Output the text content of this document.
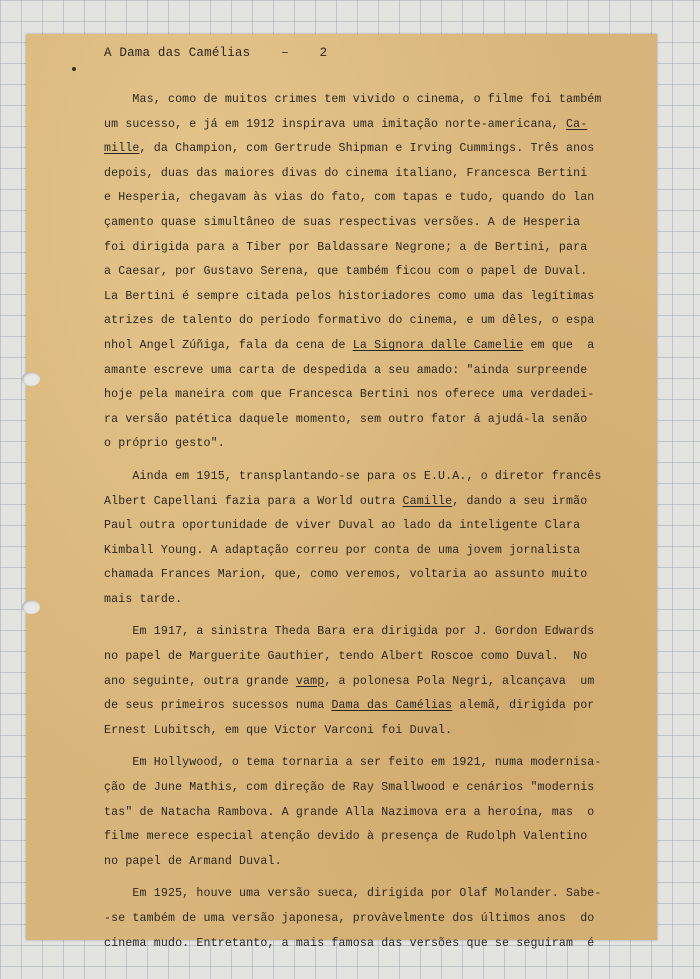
A Dama das Camélias – 2
Mas, como de muitos crimes tem vivido o cinema, o filme foi também
um sucesso, e já em 1912 inspirava uma imitação norte-americana, Ca-
mille, da Champion, com Gertrude Shipman e Irving Cummings. Três anos
depois, duas das maiores divas do cinema italiano, Francesca Bertini
e Hesperia, chegavam às vias do fato, com tapas e tudo, quando do lan
çamento quase simultâneo de suas respectivas versões. A de Hesperia
foi dirigida para a Tiber por Baldassare Negrone; a de Bertini, para
a Caesar, por Gustavo Serena, que também ficou com o papel de Duval.
La Bertini é sempre citada pelos historiadores como uma das legítimas
atrizes de talento do período formativo do cinema, e um dêles, o espa
nhol Angel Zúñiga, fala da cena de La Signora dalle Camelie em que  a
amante escreve uma carta de despedida a seu amado: "ainda surpreende
hoje pela maneira com que Francesca Bertini nos oferece uma verdadei-
ra versão patética daquele momento, sem outro fator á ajudá-la senão
o próprio gesto".
Ainda em 1915, transplantando-se para os E.U.A., o diretor francês
Albert Capellani fazia para a World outra Camille, dando a seu irmão
Paul outra oportunidade de viver Duval ao lado da inteligente Clara
Kimball Young. A adaptação correu por conta de uma jovem jornalista
chamada Frances Marion, que, como veremos, voltaria ao assunto muito
mais tarde.
Em 1917, a sinistra Theda Bara era dirigida por J. Gordon Edwards
no papel de Marguerite Gauthier, tendo Albert Roscoe como Duval.  No
ano seguinte, outra grande vamp, a polonesa Pola Negri, alcançava  um
de seus primeiros sucessos numa Dama das Camélias alemã, dirigida por
Ernest Lubitsch, em que Victor Varconi foi Duval.
Em Hollywood, o tema tornaria a ser feito em 1921, numa modernisa-
ção de June Mathis, com direção de Ray Smallwood e cenários "modernis
tas" de Natacha Rambova. A grande Alla Nazimova era a heroína, mas  o
filme merece especial atenção devido à presença de Rudolph Valentino
no papel de Armand Duval.
Em 1925, houve uma versão sueca, dirigida por Olaf Molander. Sabe-
-se também de uma versão japonesa, provàvelmente dos últimos anos  do
cinema mudo. Entretanto, a mais famosa das versões que se seguiram  é
